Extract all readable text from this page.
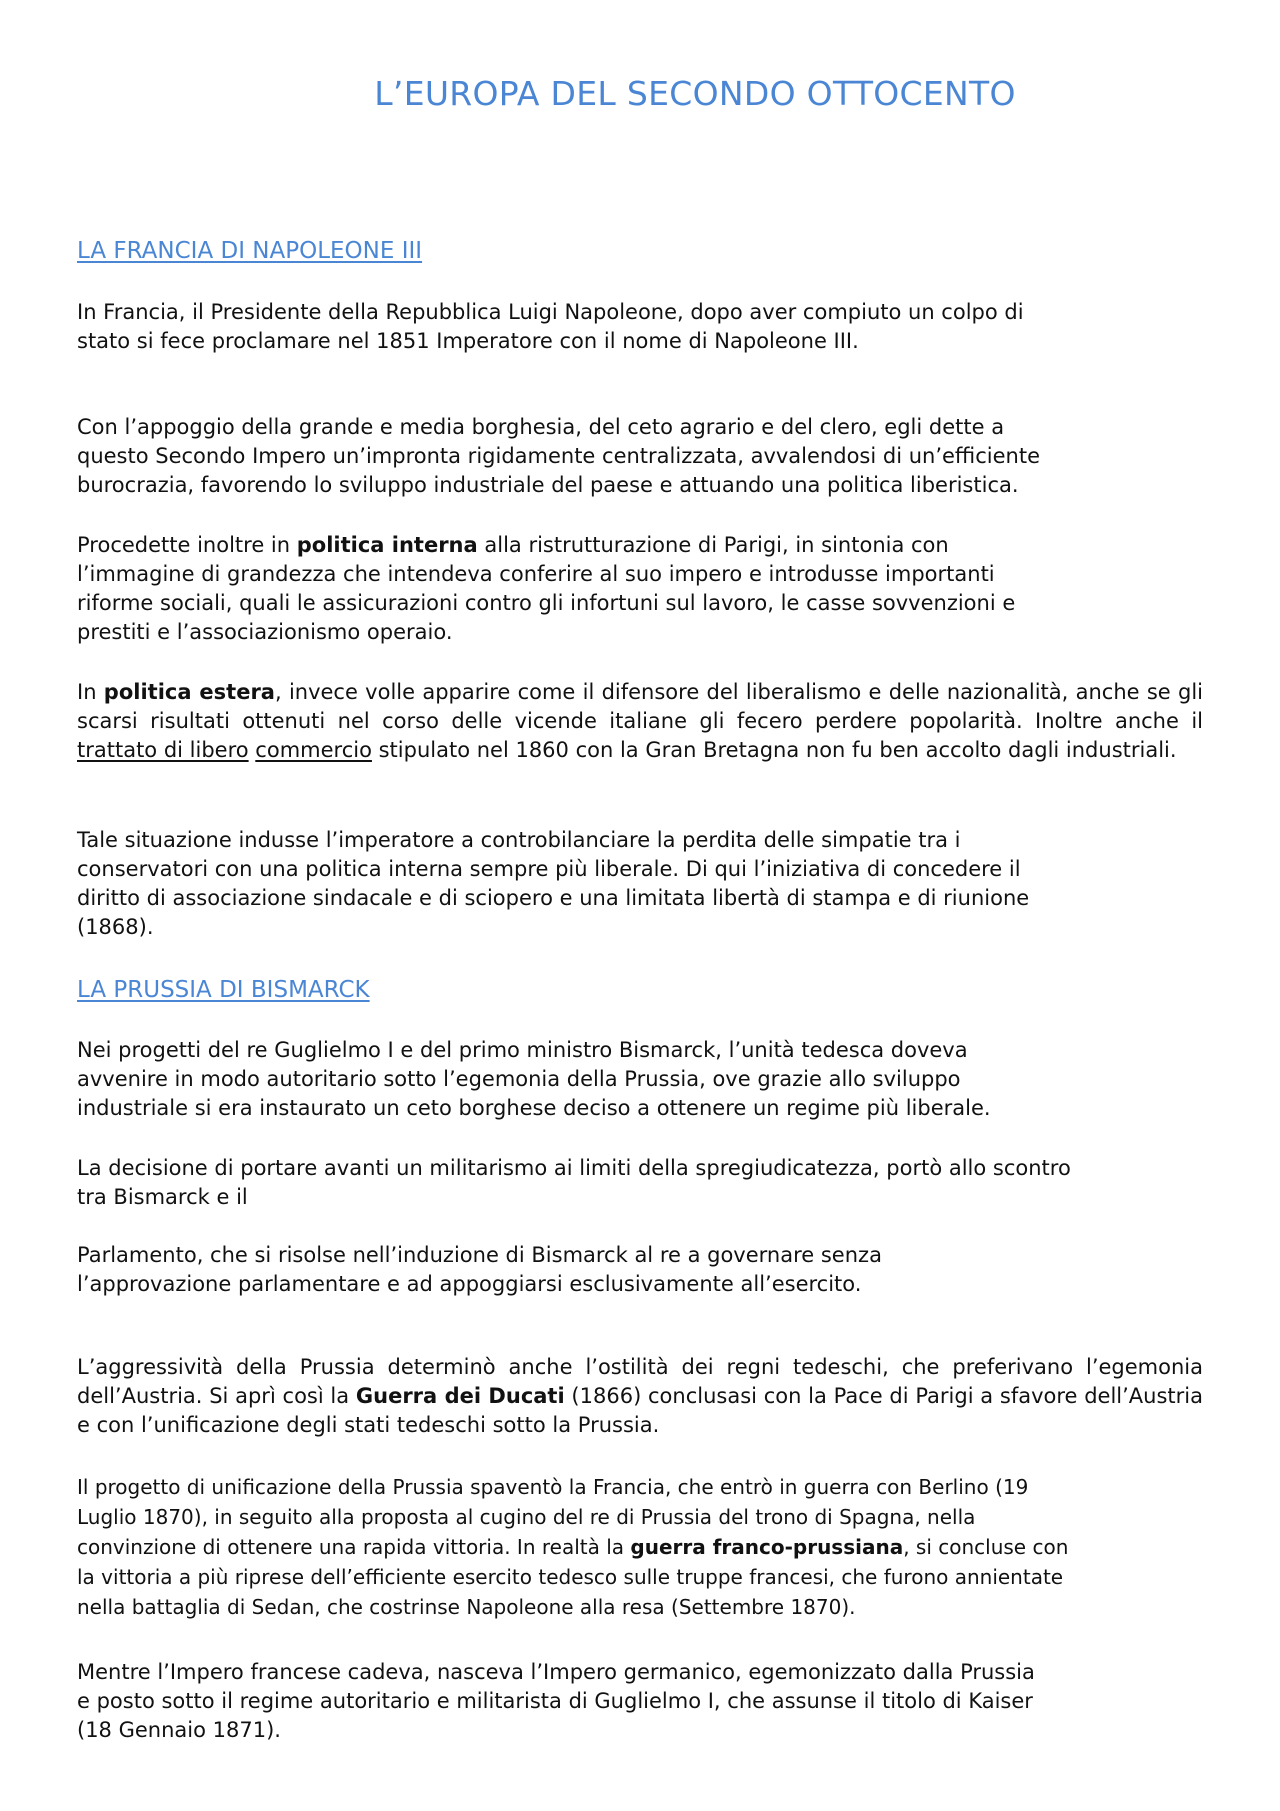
L’EUROPA DEL SECONDO OTTOCENTO
LA FRANCIA DI NAPOLEONE III

In Francia, il Presidente della Repubblica Luigi Napoleone, dopo aver compiuto un colpo di
stato si fece proclamare nel 1851 Imperatore con il nome di Napoleone III.

Con l’appoggio della grande e media borghesia, del ceto agrario e del clero, egli dette a
questo Secondo Impero un’impronta rigidamente centralizzata, avvalendosi di un’efficiente
burocrazia, favorendo lo sviluppo industriale del paese e attuando una politica liberistica.

Procedette inoltre in politica interna alla ristrutturazione di Parigi, in sintonia con
l’immagine di grandezza che intendeva conferire al suo impero e introdusse importanti
riforme sociali, quali le assicurazioni contro gli infortuni sul lavoro, le casse sovvenzioni e
prestiti e l’associazionismo operaio.

In politica estera, invece volle apparire come il difensore del liberalismo e delle nazionalità, anche se gli scarsi risultati ottenuti nel corso delle vicende italiane gli fecero perdere popolarità. Inoltre anche il trattato di libero commercio stipulato nel 1860 con la Gran Bretagna non fu ben accolto dagli industriali.

Tale situazione indusse l’imperatore a controbilanciare la perdita delle simpatie tra i
conservatori con una politica interna sempre più liberale. Di qui l’iniziativa di concedere il
diritto di associazione sindacale e di sciopero e una limitata libertà di stampa e di riunione
(1868).

LA PRUSSIA DI BISMARCK

Nei progetti del re Guglielmo I e del primo ministro Bismarck, l’unità tedesca doveva
avvenire in modo autoritario sotto l’egemonia della Prussia, ove grazie allo sviluppo
industriale si era instaurato un ceto borghese deciso a ottenere un regime più liberale.

La decisione di portare avanti un militarismo ai limiti della spregiudicatezza, portò allo scontro
tra Bismarck e il

Parlamento, che si risolse nell’induzione di Bismarck al re a governare senza
l’approvazione parlamentare e ad appoggiarsi esclusivamente all’esercito.

L’aggressività della Prussia determinò anche l’ostilità dei regni tedeschi, che preferivano l’egemonia dell’Austria. Si aprì così la Guerra dei Ducati (1866) conclusasi con la Pace di Parigi a sfavore dell’Austria e con l’unificazione degli stati tedeschi sotto la Prussia.

Il progetto di unificazione della Prussia spaventò la Francia, che entrò in guerra con Berlino (19
Luglio 1870), in seguito alla proposta al cugino del re di Prussia del trono di Spagna, nella
convinzione di ottenere una rapida vittoria. In realtà la guerra franco-prussiana, si concluse con
la vittoria a più riprese dell’efficiente esercito tedesco sulle truppe francesi, che furono annientate
nella battaglia di Sedan, che costrinse Napoleone alla resa (Settembre 1870).

Mentre l’Impero francese cadeva, nasceva l’Impero germanico, egemonizzato dalla Prussia
e posto sotto il regime autoritario e militarista di Guglielmo I, che assunse il titolo di Kaiser
(18 Gennaio 1871).
